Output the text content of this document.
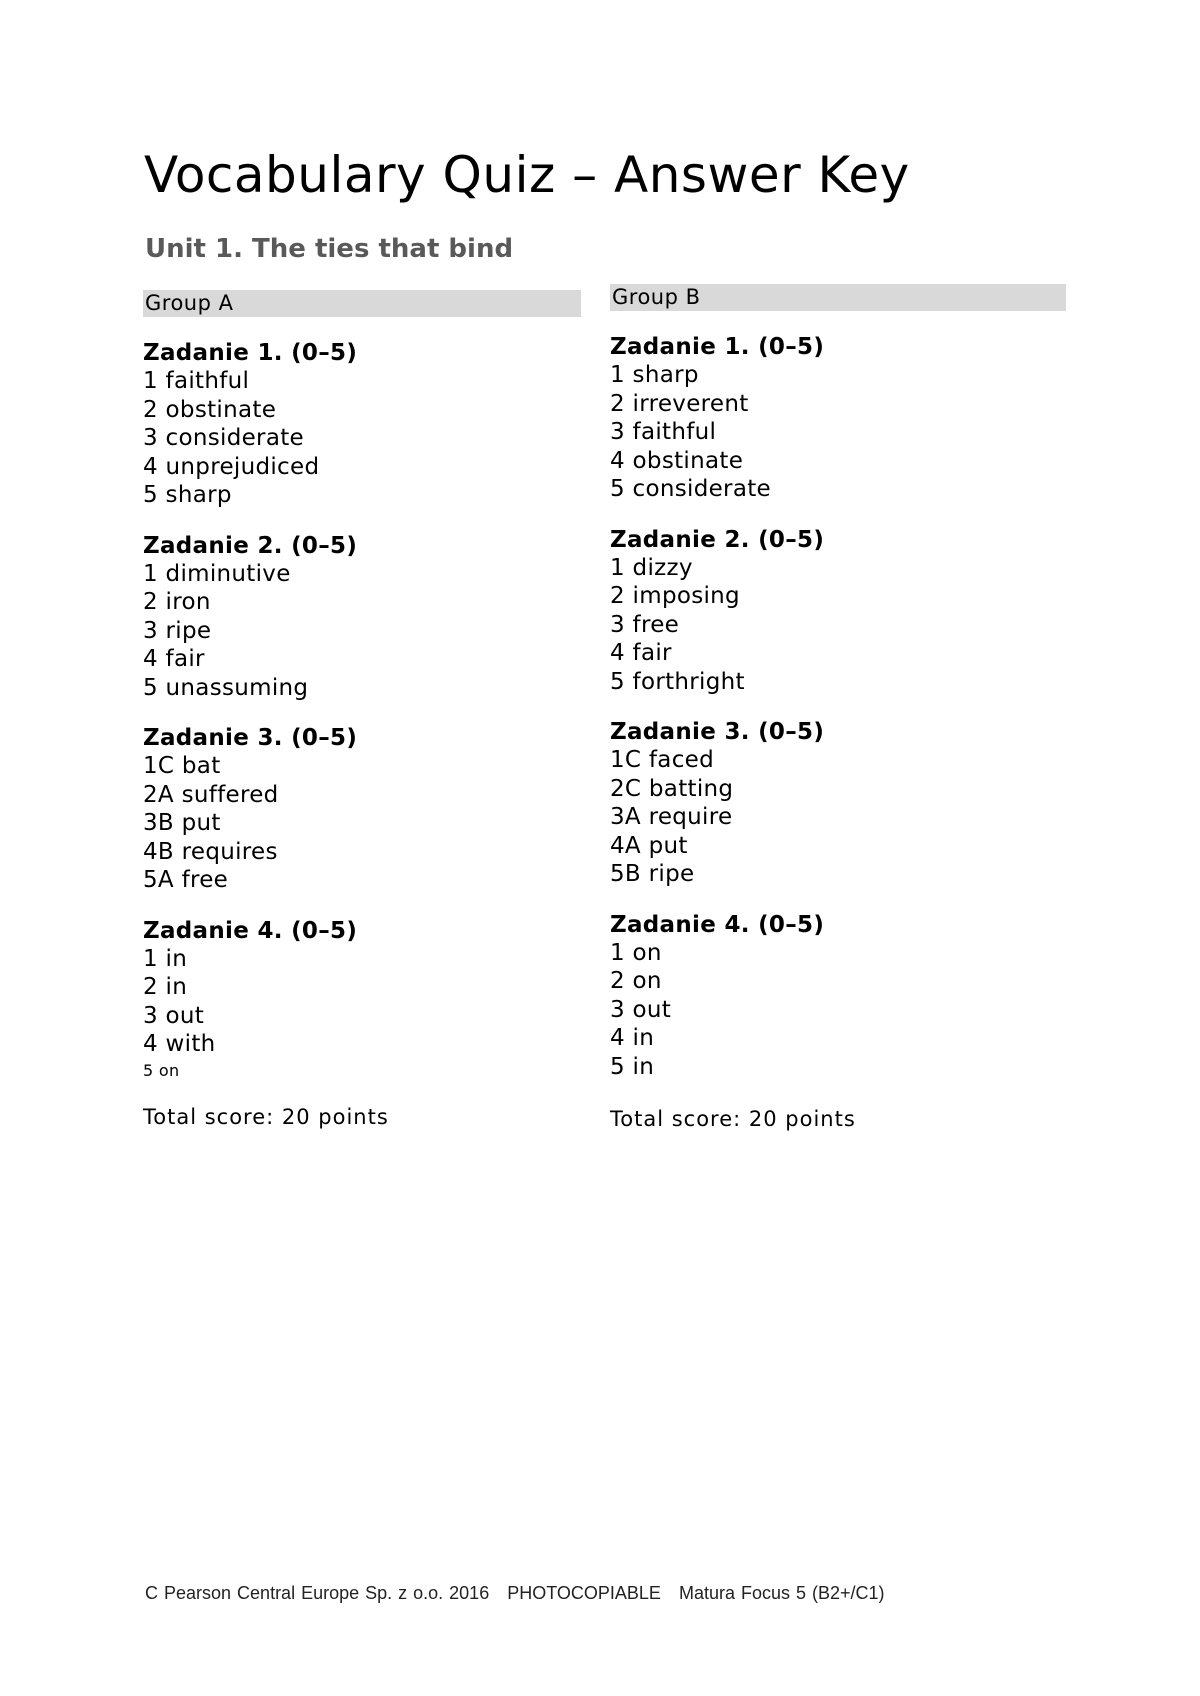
Vocabulary Quiz – Answer Key
Unit 1. The ties that bind
Group A
Zadanie 1. (0–5)
1 faithful
2 obstinate
3 considerate
4 unprejudiced
5 sharp
Zadanie 2. (0–5)
1 diminutive
2 iron
3 ripe
4 fair
5 unassuming
Zadanie 3. (0–5)
1C bat
2A suffered
3B put
4B requires
5A free
Zadanie 4. (0–5)
1 in
2 in
3 out
4 with
5 on
Total score: 20 points
Group B
Zadanie 1. (0–5)
1 sharp
2 irreverent
3 faithful
4 obstinate
5 considerate
Zadanie 2. (0–5)
1 dizzy
2 imposing
3 free
4 fair
5 forthright
Zadanie 3. (0–5)
1C faced
2C batting
3A require
4A put
5B ripe
Zadanie 4. (0–5)
1 on
2 on
3 out
4 in
5 in
Total score: 20 points
C Pearson Central Europe Sp. z o.o. 2016 PHOTOCOPIABLE Matura Focus 5 (B2+/C1)
